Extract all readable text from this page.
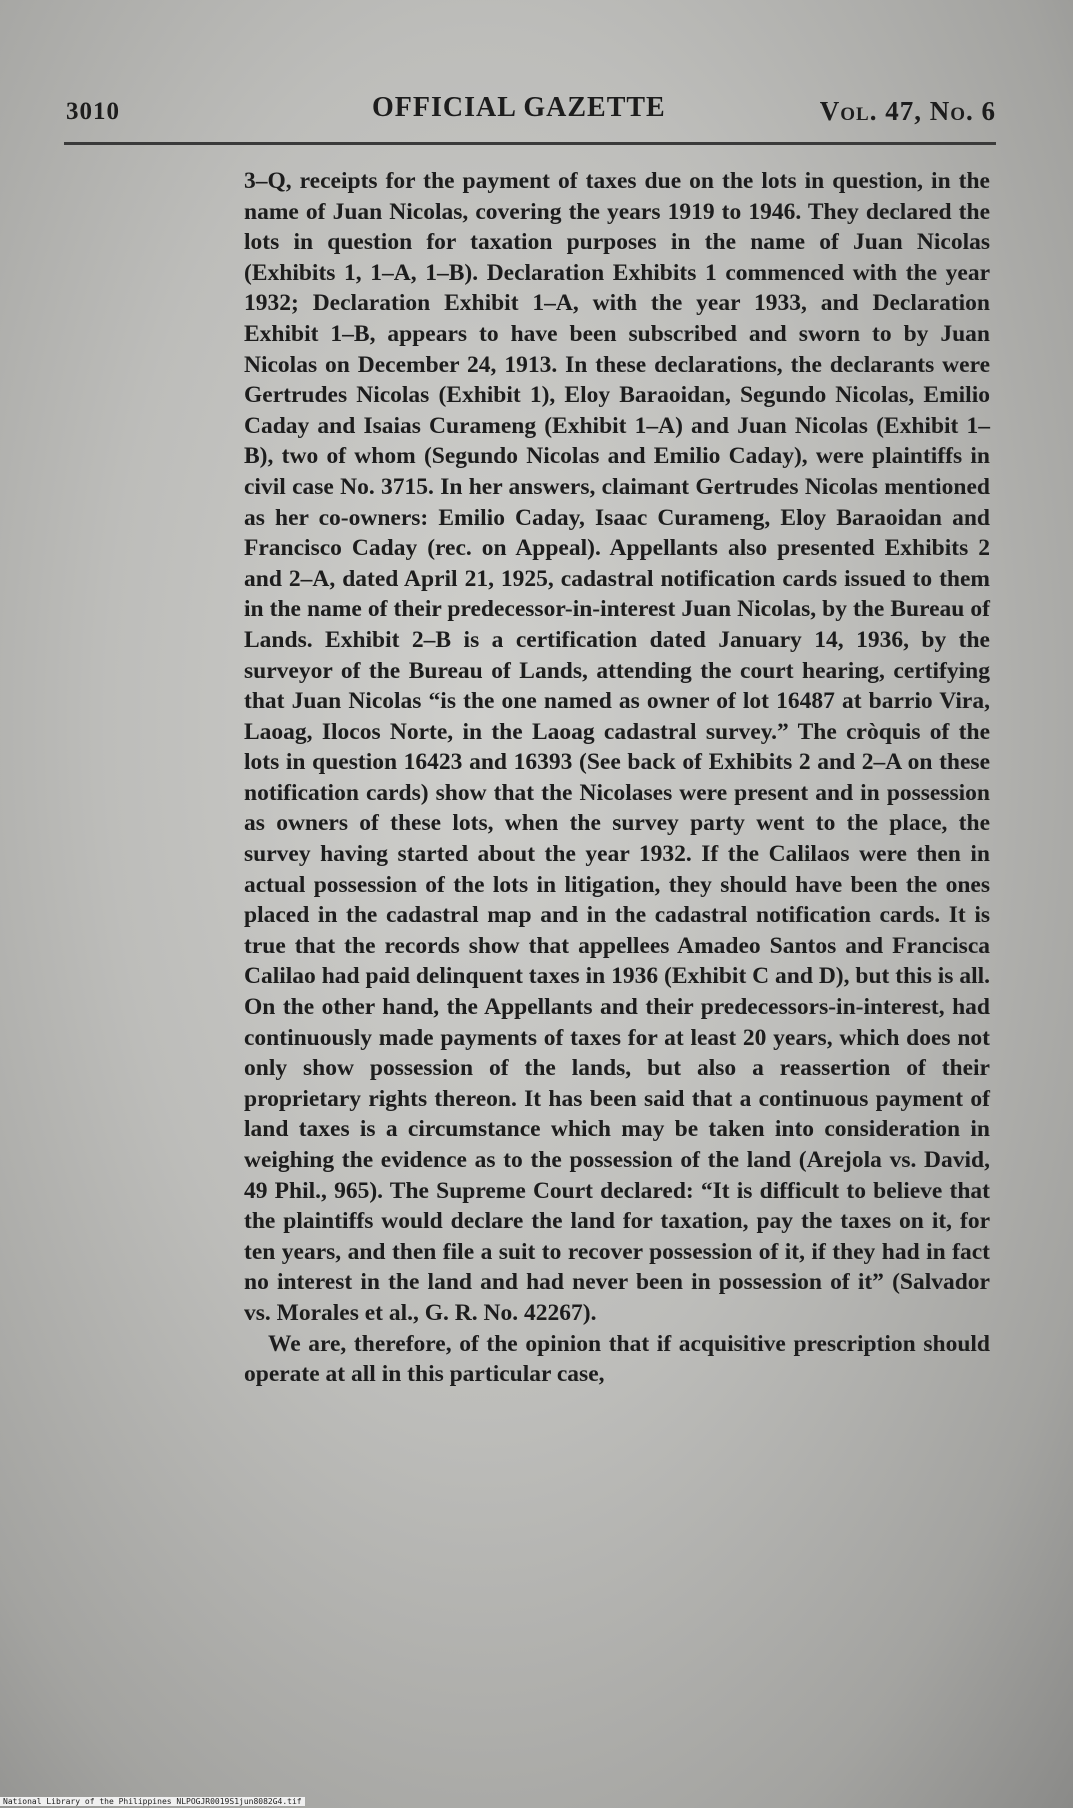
3010	OFFICIAL GAZETTE	Vol. 47, No. 6

3–Q, receipts for the payment of taxes due on the lots in question, in the name of Juan Nicolas, covering the years 1919 to 1946. They declared the lots in question for taxation purposes in the name of Juan Nicolas (Exhibits 1, 1–A, 1–B). Declaration Exhibits 1 commenced with the year 1932; Declaration Exhibit 1–A, with the year 1933, and Declaration Exhibit 1–B, appears to have been subscribed and sworn to by Juan Nicolas on December 24, 1913. In these declarations, the declarants were Gertrudes Nicolas (Exhibit 1), Eloy Baraoidan, Segundo Nicolas, Emilio Caday and Isaias Curameng (Exhibit 1–A) and Juan Nicolas (Exhibit 1–B), two of whom (Segundo Nicolas and Emilio Caday), were plaintiffs in civil case No. 3715. In her answers, claimant Gertrudes Nicolas mentioned as her co-owners: Emilio Caday, Isaac Curameng, Eloy Baraoidan and Francisco Caday (rec. on Appeal). Appellants also presented Exhibits 2 and 2–A, dated April 21, 1925, cadastral notification cards issued to them in the name of their predecessor-in-interest Juan Nicolas, by the Bureau of Lands. Exhibit 2–B is a certification dated January 14, 1936, by the surveyor of the Bureau of Lands, attending the court hearing, certifying that Juan Nicolas “is the one named as owner of lot 16487 at barrio Vira, Laoag, Ilocos Norte, in the Laoag cadastral survey.” The cròquis of the lots in question 16423 and 16393 (See back of Exhibits 2 and 2–A on these notification cards) show that the Nicolases were present and in possession as owners of these lots, when the survey party went to the place, the survey having started about the year 1932. If the Calilaos were then in actual possession of the lots in litigation, they should have been the ones placed in the cadastral map and in the cadastral notification cards. It is true that the records show that appellees Amadeo Santos and Francisca Calilao had paid delinquent taxes in 1936 (Exhibit C and D), but this is all. On the other hand, the Appellants and their predecessors-in-interest, had continuously made payments of taxes for at least 20 years, which does not only show possession of the lands, but also a reassertion of their proprietary rights thereon. It has been said that a continuous payment of land taxes is a circumstance which may be taken into consideration in weighing the evidence as to the possession of the land (Arejola vs. David, 49 Phil., 965). The Supreme Court declared: “It is difficult to believe that the plaintiffs would declare the land for taxation, pay the taxes on it, for ten years, and then file a suit to recover possession of it, if they had in fact no interest in the land and had never been in possession of it” (Salvador vs. Morales et al., G. R. No. 42267).

We are, therefore, of the opinion that if acquisitive prescription should operate at all in this particular case,

National Library of the Philippines NLPOGJR0019S1jun8082G4.tif
